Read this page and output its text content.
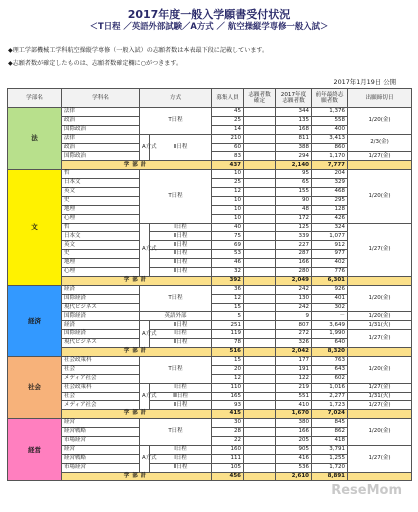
2017年度一般入学願書受付状況
＜T日程 ／英語外部試験／A方式 ／ 航空操縦学専修一般入試＞
◆理工学部機械工学科航空操縦学専修（一般入試）の志願者数は本表最下段に記載しています。
◆志願者数が確定したものは、志願者数確定欄に○がつきます。
2017年1月19日 公開
学部名	学科名	方式		募集人員	志願者数確定	2017年度志願者数	前年最終志願者数	出願締切日
法	法律	T日程		45		344	1,376	1/20(金)
	政治			25		135	558	
	国際政治			14		168	400	
	法律	A方式	Ⅱ日程	210		811	3,413	2/3(金)
	政治			60		388	860	
	国際政治			83		294	1,170	1/27(金)
	学部計			437		2,140	7,777	
文	哲	T日程		10		95	204	1/20(金)
	日本文			25		65	329	
	英文			12		155	468	
	史			10		90	295	
	地理			10		48	128	
	心理			10		172	426	
	哲	A方式	Ⅰ日程	40		125	324	1/27(金)
	日本文		Ⅱ日程	75		339	1,077	
	英文		Ⅱ日程	69		227	912	
	史		Ⅱ日程	53		287	977	
	地理		Ⅱ日程	46		166	402	
	心理		Ⅱ日程	32		280	776	
	学部計			392		2,049	6,301	
経済	経済	T日程		36		242	926	1/20(金)
	国際経済			12		130	401	
	現代ビジネス			15		242	302	
	国際経済	英語外部		5		9	－	1/20(金)
	経済	A方式	Ⅱ日程	251		807	3,649	1/31(火)
	国際経済		Ⅰ日程	119		272	1,990	1/27(金)
	現代ビジネス		Ⅱ日程	78		326	640	
	学部計			516		2,042	8,320	
社会	社会政策科	T日程		15		177	763	1/20(金)
	社会			20		191	643	
	メディア社会			12		122	602	
	社会政策科	A方式	Ⅰ日程	110		219	1,016	1/27(金)
	社会		Ⅲ日程	165		551	2,277	1/31(火)
	メディア社会		Ⅱ日程	93		410	1,723	1/27(金)
	学部計			415		1,670	7,024	
経営	経営	T日程		30		380	845	1/20(金)
	経営戦略			28		166	862	
	市場経営			22		205	418	
	経営	A方式	Ⅰ日程	160		905	3,791	1/27(金)
	経営戦略		Ⅰ日程	111		416	1,255	
	市場経営		Ⅱ日程	105		536	1,720	
	学部計			456		2,610	8,891	
ReseMom
